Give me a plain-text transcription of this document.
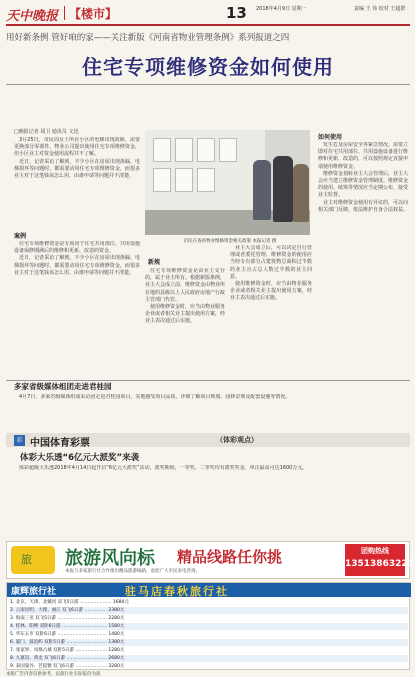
天中晚报 【楼市】	13 2018年4月9日 星期一	责编 王 伟 校对 王超群
用好新条例 管好咱的家——关注新版《河南省物业管理条例》系列报道之四
住宅专项维修资金如何使用
□晚报记者 胡卫 通讯员 文迅

3月25日，市民周女士所在小区的电梯出现故障，需要更换部分零部件。物业公司提出使用住宅专项维修资金，但小区业主对资金使用流程并不了解。

近日，记者采访了解到，不少小区在房屋出现渗漏、电梯损坏等问题时，都需要动用住宅专项维修资金，而很多业主对于这笔钱该怎么用、由谁申请等问题并不清楚。

案例

住宅专项维修资金是专项用于住宅共用部位、共用设施设备保修期满后的维修和更新、改造的资金。

近日，记者采访了解到，不少小区在房屋出现渗漏、电梯损坏等问题时，都需要动用住宅专项维修资金，而很多业主对于这笔钱该怎么用、由谁申请等问题并不清楚。

市民在查看物业维修资金相关政策 本报记者 摄
新规

住宅专项维修资金是由业主交存的，属于业主所有。根据新版条例，业主大会成立前，维修资金由物业所在地的县级以上人民政府房地产行政主管部门代管。

使用维修资金时，应当由物业服务企业或者相关业主提出使用方案，经业主表决通过后实施。

业主大会成立后，可以决定自行管理或者委托管理，维修资金的使用应当经专有部分占建筑物总面积过半数的业主且占总人数过半数的业主同意。

使用维修资金时，应当由物业服务企业或者相关业主提出使用方案，经业主表决通过后实施。

如何使用

发生危及房屋安全等紧急情况，需要立即对住宅共用部位、共用设施设备进行维修和更新、改造的，可以按照规定直接申请使用维修资金。

维修资金划转业主大会管理后，业主大会应当建立维修资金管理制度。维修资金的使用、续筹等情况应当定期公布，接受业主监督。

业主对维修资金使用有异议的，可以向相关部门反映，依法维护自身合法权益。

多家省级媒体组团走进君桂园

4月7日，多家省级媒体组成采访团走进君桂园项目，实地感受项目品质，详细了解项目规划、园林景观及配套设施等情况。

彩 中国体育彩票	（体彩观点）
体彩大乐透“6亿元大派奖”来袭

体彩超级大乐透2018年4月14日起开启“6亿元大派奖”活动，派奖期间，一等奖、二等奖均有派奖奖金，单注最高可达1600万元。

旅 旅游风向标 精品线路任你挑
本报与多家旅行社合作推出精品旅游线路，欢迎广大市民来电咨询。
团购热线
13513863223
康辉旅行社	驻马店春秋旅行社
1. 北京、天津、北戴河 双飞5日游 ………………… 1680元
2. 云南昆明、大理、丽江 双飞6日游 …………… 2380元
3. 海南三亚 双飞5日游 …………………………… 2280元
4. 桂林、阳朔 双卧6日游 ………………………… 1580元
5. 华东五市 双卧6日游 …………………………… 1480元
6. 厦门、鼓浪屿 双卧5日游 ……………………… 1380元
7. 张家界、凤凰古城 双卧5日游 ………………… 1280元
8. 九寨沟、黄龙 双飞6日游 ……………………… 2680元
9. 泰国曼谷、芭提雅 双飞6日游 ………………… 3280元
本版广告内容仅供参考，以旅行社实际报价为准
